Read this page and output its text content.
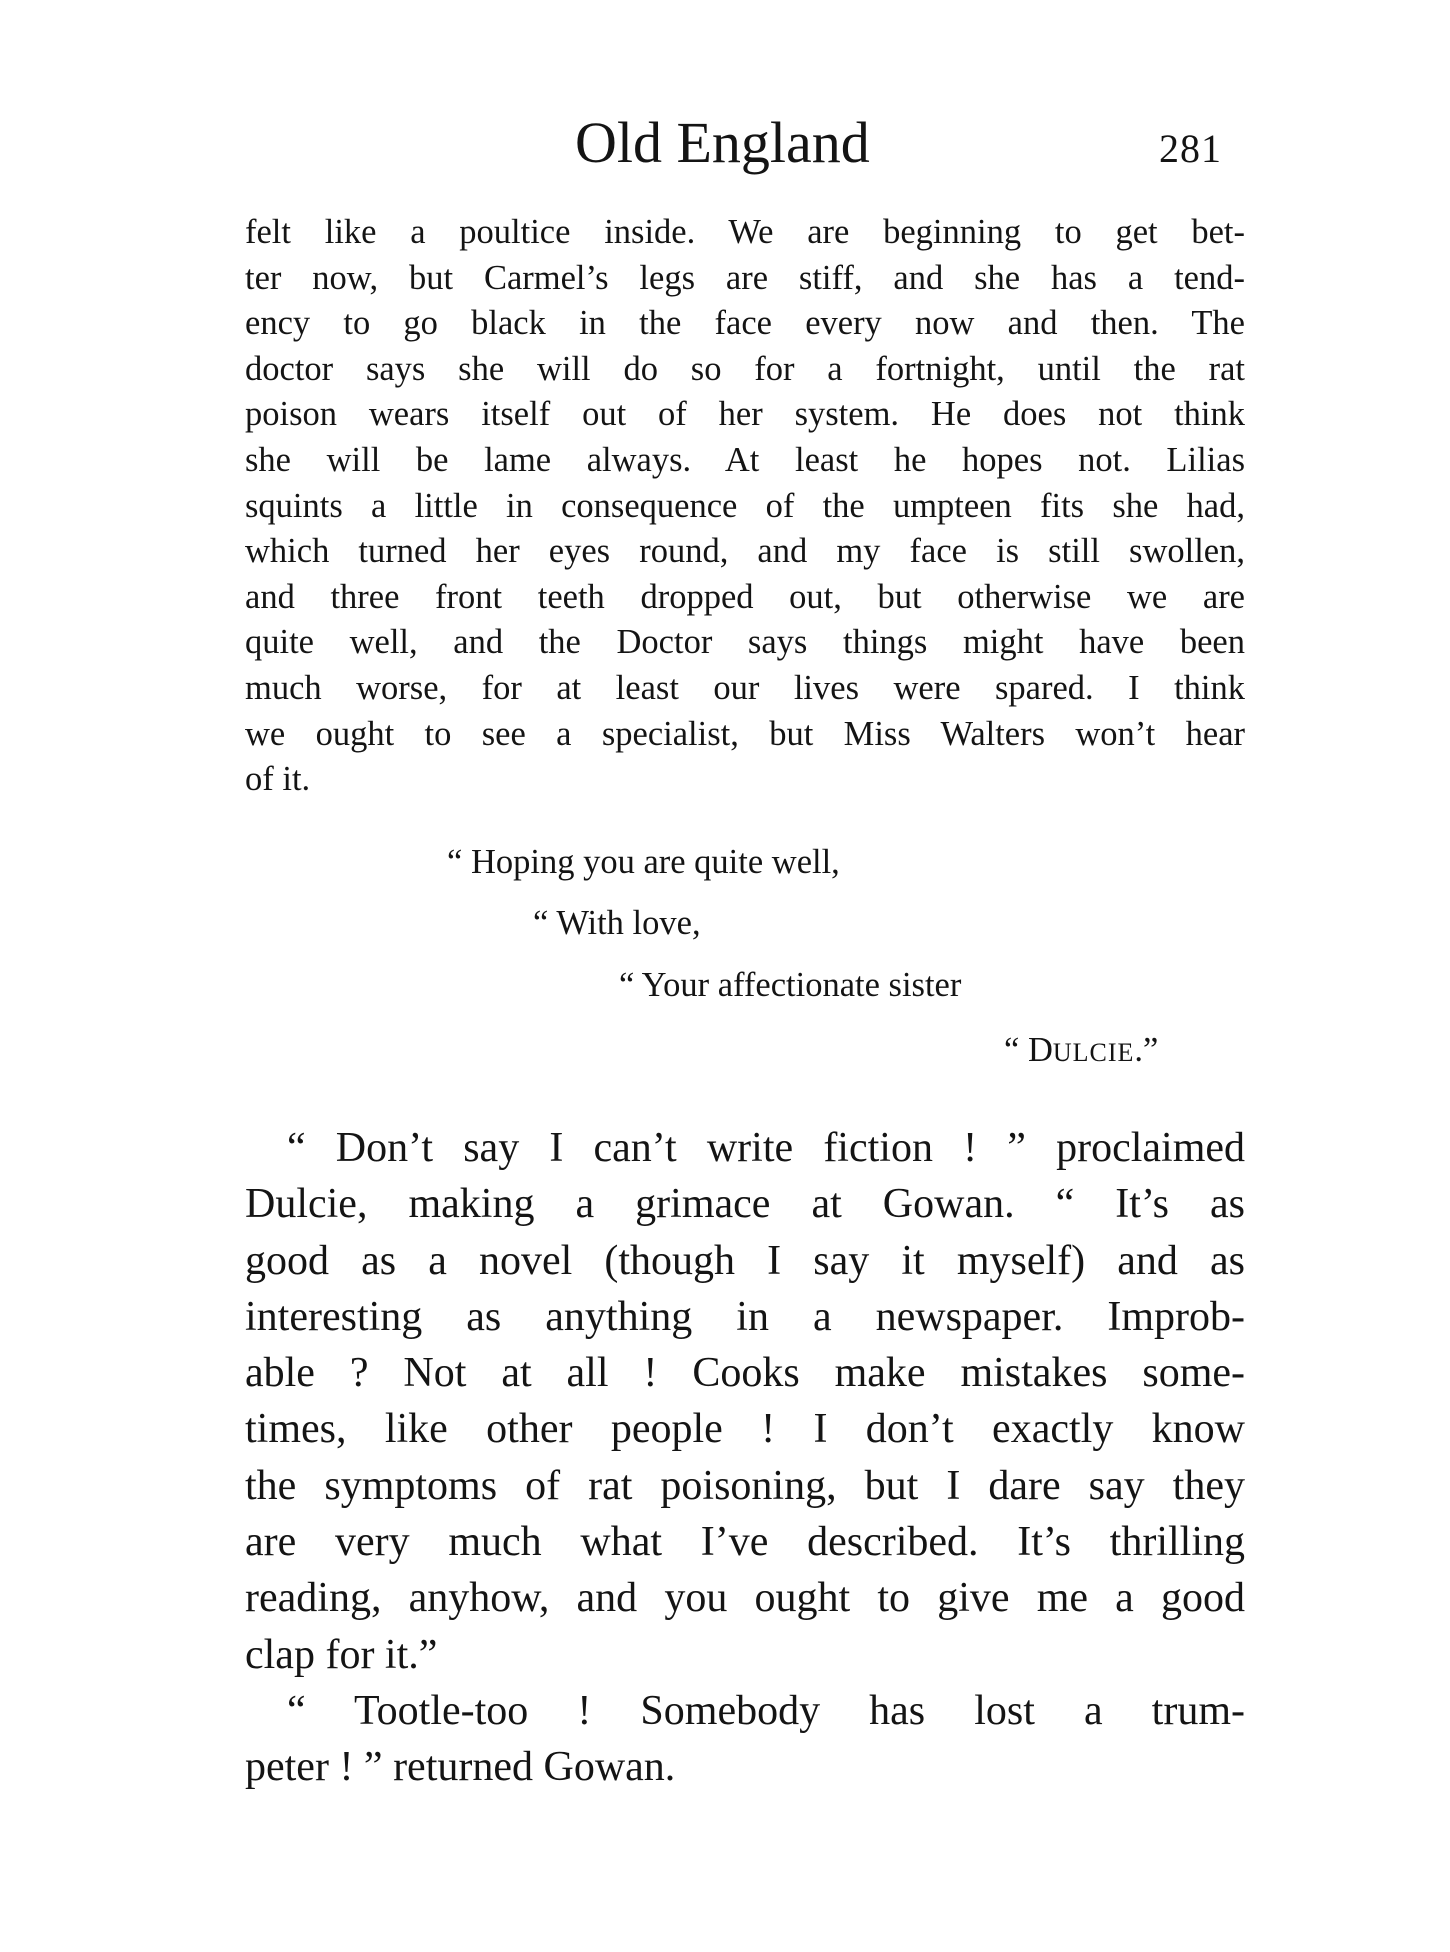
Old England	281
felt like a poultice inside. We are beginning to get bet-
ter now, but Carmel’s legs are stiff, and she has a tend-
ency to go black in the face every now and then. The
doctor says she will do so for a fortnight, until the rat
poison wears itself out of her system. He does not think
she will be lame always. At least he hopes not. Lilias
squints a little in consequence of the umpteen fits she had,
which turned her eyes round, and my face is still swollen,
and three front teeth dropped out, but otherwise we are
quite well, and the Doctor says things might have been
much worse, for at least our lives were spared. I think
we ought to see a specialist, but Miss Walters won’t hear
of it.
“ Hoping you are quite well,
“ With love,
“ Your affectionate sister
“ DULCIE.”
“ Don’t say I can’t write fiction ! ” proclaimed
Dulcie, making a grimace at Gowan. “ It’s as
good as a novel (though I say it myself) and as
interesting as anything in a newspaper. Improb-
able ? Not at all ! Cooks make mistakes some-
times, like other people ! I don’t exactly know
the symptoms of rat poisoning, but I dare say they
are very much what I’ve described. It’s thrilling
reading, anyhow, and you ought to give me a good
clap for it.”
“ Tootle-too ! Somebody has lost a trum-
peter ! ” returned Gowan.
